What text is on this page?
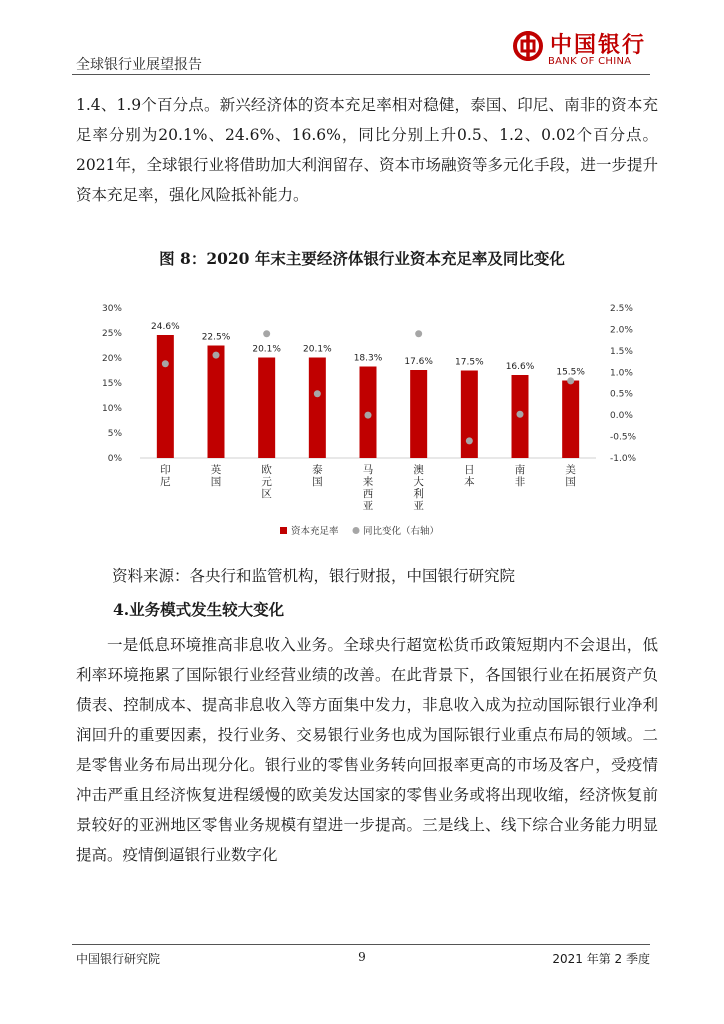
全球银行业展望报告
中国银行
BANK OF CHINA
1.4、1.9个百分点。新兴经济体的资本充足率相对稳健，泰国、印尼、南非的资本充足率分别为20.1%、24.6%、16.6%，同比分别上升0.5、1.2、0.02个百分点。2021年，全球银行业将借助加大利润留存、资本市场融资等多元化手段，进一步提升资本充足率，强化风险抵补能力。
图 8：2020 年末主要经济体银行业资本充足率及同比变化
0%
5%
10%
15%
20%
25%
30%
-1.0%
-0.5%
0.0%
0.5%
1.0%
1.5%
2.0%
2.5%
24.6%
印
尼
22.5%
英
国
20.1%
欧
元
区
20.1%
泰
国
18.3%
马
来
西
亚
17.6%
澳
大
利
亚
17.5%
日
本
16.6%
南
非
15.5%
美
国
资本充足率	同比变化（右轴）
资料来源：各央行和监管机构，银行财报，中国银行研究院
4.业务模式发生较大变化
一是低息环境推高非息收入业务。全球央行超宽松货币政策短期内不会退出，低利率环境拖累了国际银行业经营业绩的改善。在此背景下，各国银行业在拓展资产负债表、控制成本、提高非息收入等方面集中发力，非息收入成为拉动国际银行业净利润回升的重要因素，投行业务、交易银行业务也成为国际银行业重点布局的领域。二是零售业务布局出现分化。银行业的零售业务转向回报率更高的市场及客户，受疫情冲击严重且经济恢复进程缓慢的欧美发达国家的零售业务或将出现收缩，经济恢复前景较好的亚洲地区零售业务规模有望进一步提高。三是线上、线下综合业务能力明显提高。疫情倒逼银行业数字化
中国银行研究院	9	2021 年第 2 季度
